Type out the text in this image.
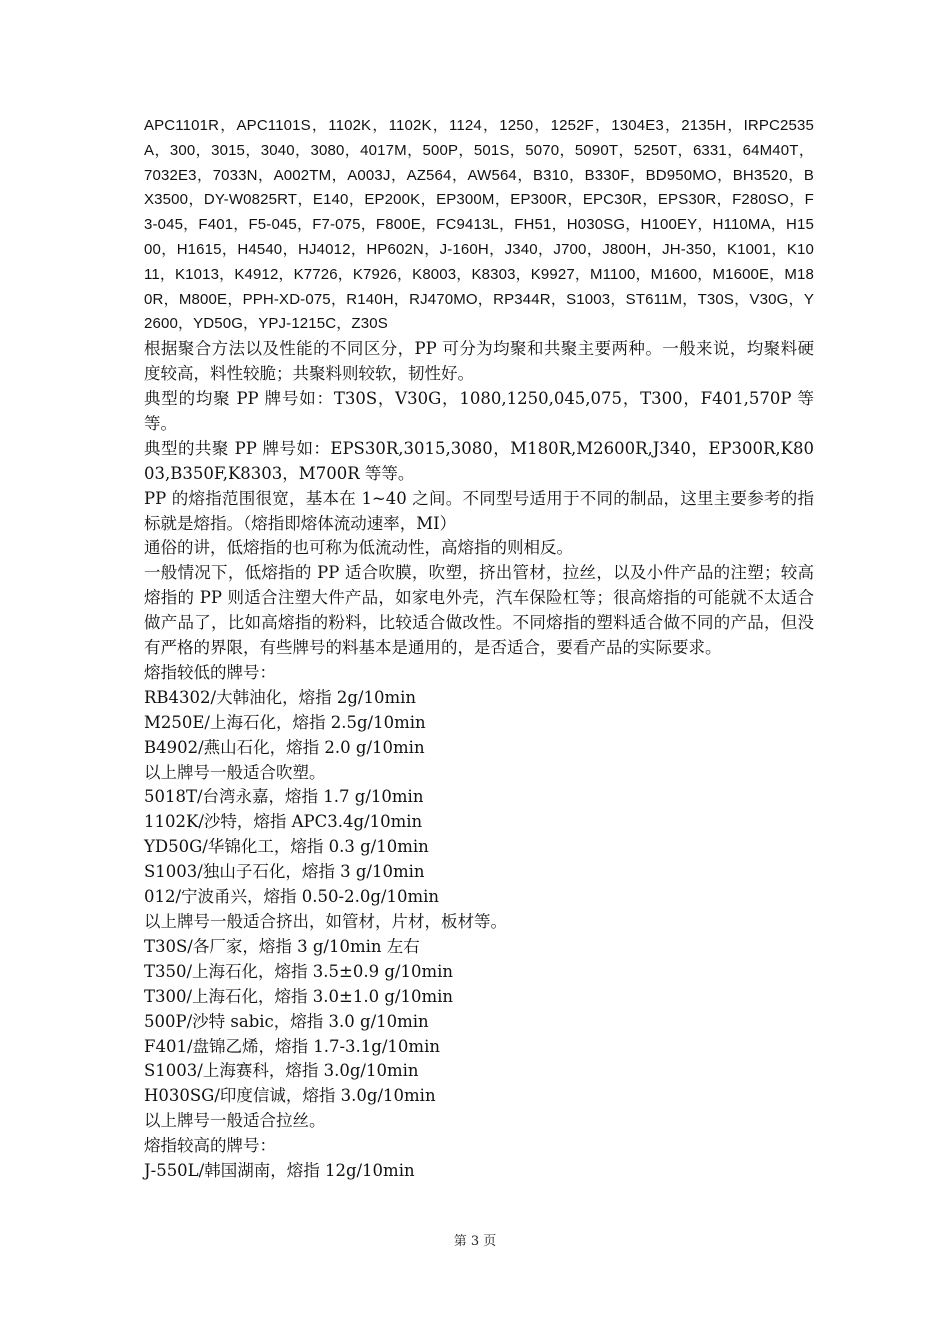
APC1101R，APC1101S，1102K，1102K，1124，1250，1252F，1304E3，2135H，IRPC2535A，300，3015，3040，3080，4017M，500P，501S，5070，5090T，5250T，6331，64M40T，7032E3，7033N，A002TM，A003J，AZ564，AW564，B310，B330F，BD950MO，BH3520，BX3500，DY-W0825RT，E140，EP200K，EP300M，EP300R，EPC30R，EPS30R，F280SO，F3-045，F401，F5-045，F7-075，F800E，FC9413L，FH51，H030SG，H100EY，H110MA，H1500，H1615，H4540，HJ4012，HP602N，J-160H，J340，J700，J800H，JH-350，K1001，K1011，K1013，K4912，K7726，K7926，K8003，K8303，K9927，M1100，M1600，M1600E，M180R，M800E，PPH-XD-075，R140H，RJ470MO，RP344R，S1003，ST611M，T30S，V30G，Y2600，YD50G，YPJ-1215C，Z30S

根据聚合方法以及性能的不同区分，PP 可分为均聚和共聚主要两种。一般来说，均聚料硬度较高，料性较脆；共聚料则较软，韧性好。

典型的均聚 PP 牌号如：T30S，V30G，1080,1250,045,075，T300，F401,570P 等等。

典型的共聚 PP 牌号如：EPS30R,3015,3080，M180R,M2600R,J340，EP300R,K8003,B350F,K8303，M700R 等等。

PP 的熔指范围很宽，基本在 1~40 之间。不同型号适用于不同的制品，这里主要参考的指标就是熔指。（熔指即熔体流动速率，MI）

通俗的讲，低熔指的也可称为低流动性，高熔指的则相反。

一般情况下，低熔指的 PP 适合吹膜，吹塑，挤出管材，拉丝，以及小件产品的注塑；较高熔指的 PP 则适合注塑大件产品，如家电外壳，汽车保险杠等；很高熔指的可能就不太适合做产品了，比如高熔指的粉料，比较适合做改性。不同熔指的塑料适合做不同的产品，但没有严格的界限，有些牌号的料基本是通用的，是否适合，要看产品的实际要求。

熔指较低的牌号：

RB4302/大韩油化，熔指 2g/10min

M250E/上海石化，熔指 2.5g/10min

B4902/燕山石化，熔指 2.0 g/10min

以上牌号一般适合吹塑。

5018T/台湾永嘉，熔指 1.7 g/10min

1102K/沙特，熔指 APC3.4g/10min

YD50G/华锦化工，熔指 0.3 g/10min

S1003/独山子石化，熔指 3 g/10min

012/宁波甬兴，熔指 0.50-2.0g/10min

以上牌号一般适合挤出，如管材，片材，板材等。

T30S/各厂家，熔指 3 g/10min 左右

T350/上海石化，熔指 3.5±0.9 g/10min

T300/上海石化，熔指 3.0±1.0 g/10min

500P/沙特 sabic，熔指 3.0 g/10min

F401/盘锦乙烯，熔指 1.7-3.1g/10min

S1003/上海赛科，熔指 3.0g/10min

H030SG/印度信诚，熔指 3.0g/10min

以上牌号一般适合拉丝。

熔指较高的牌号：

J-550L/韩国湖南，熔指 12g/10min

第 3 页
